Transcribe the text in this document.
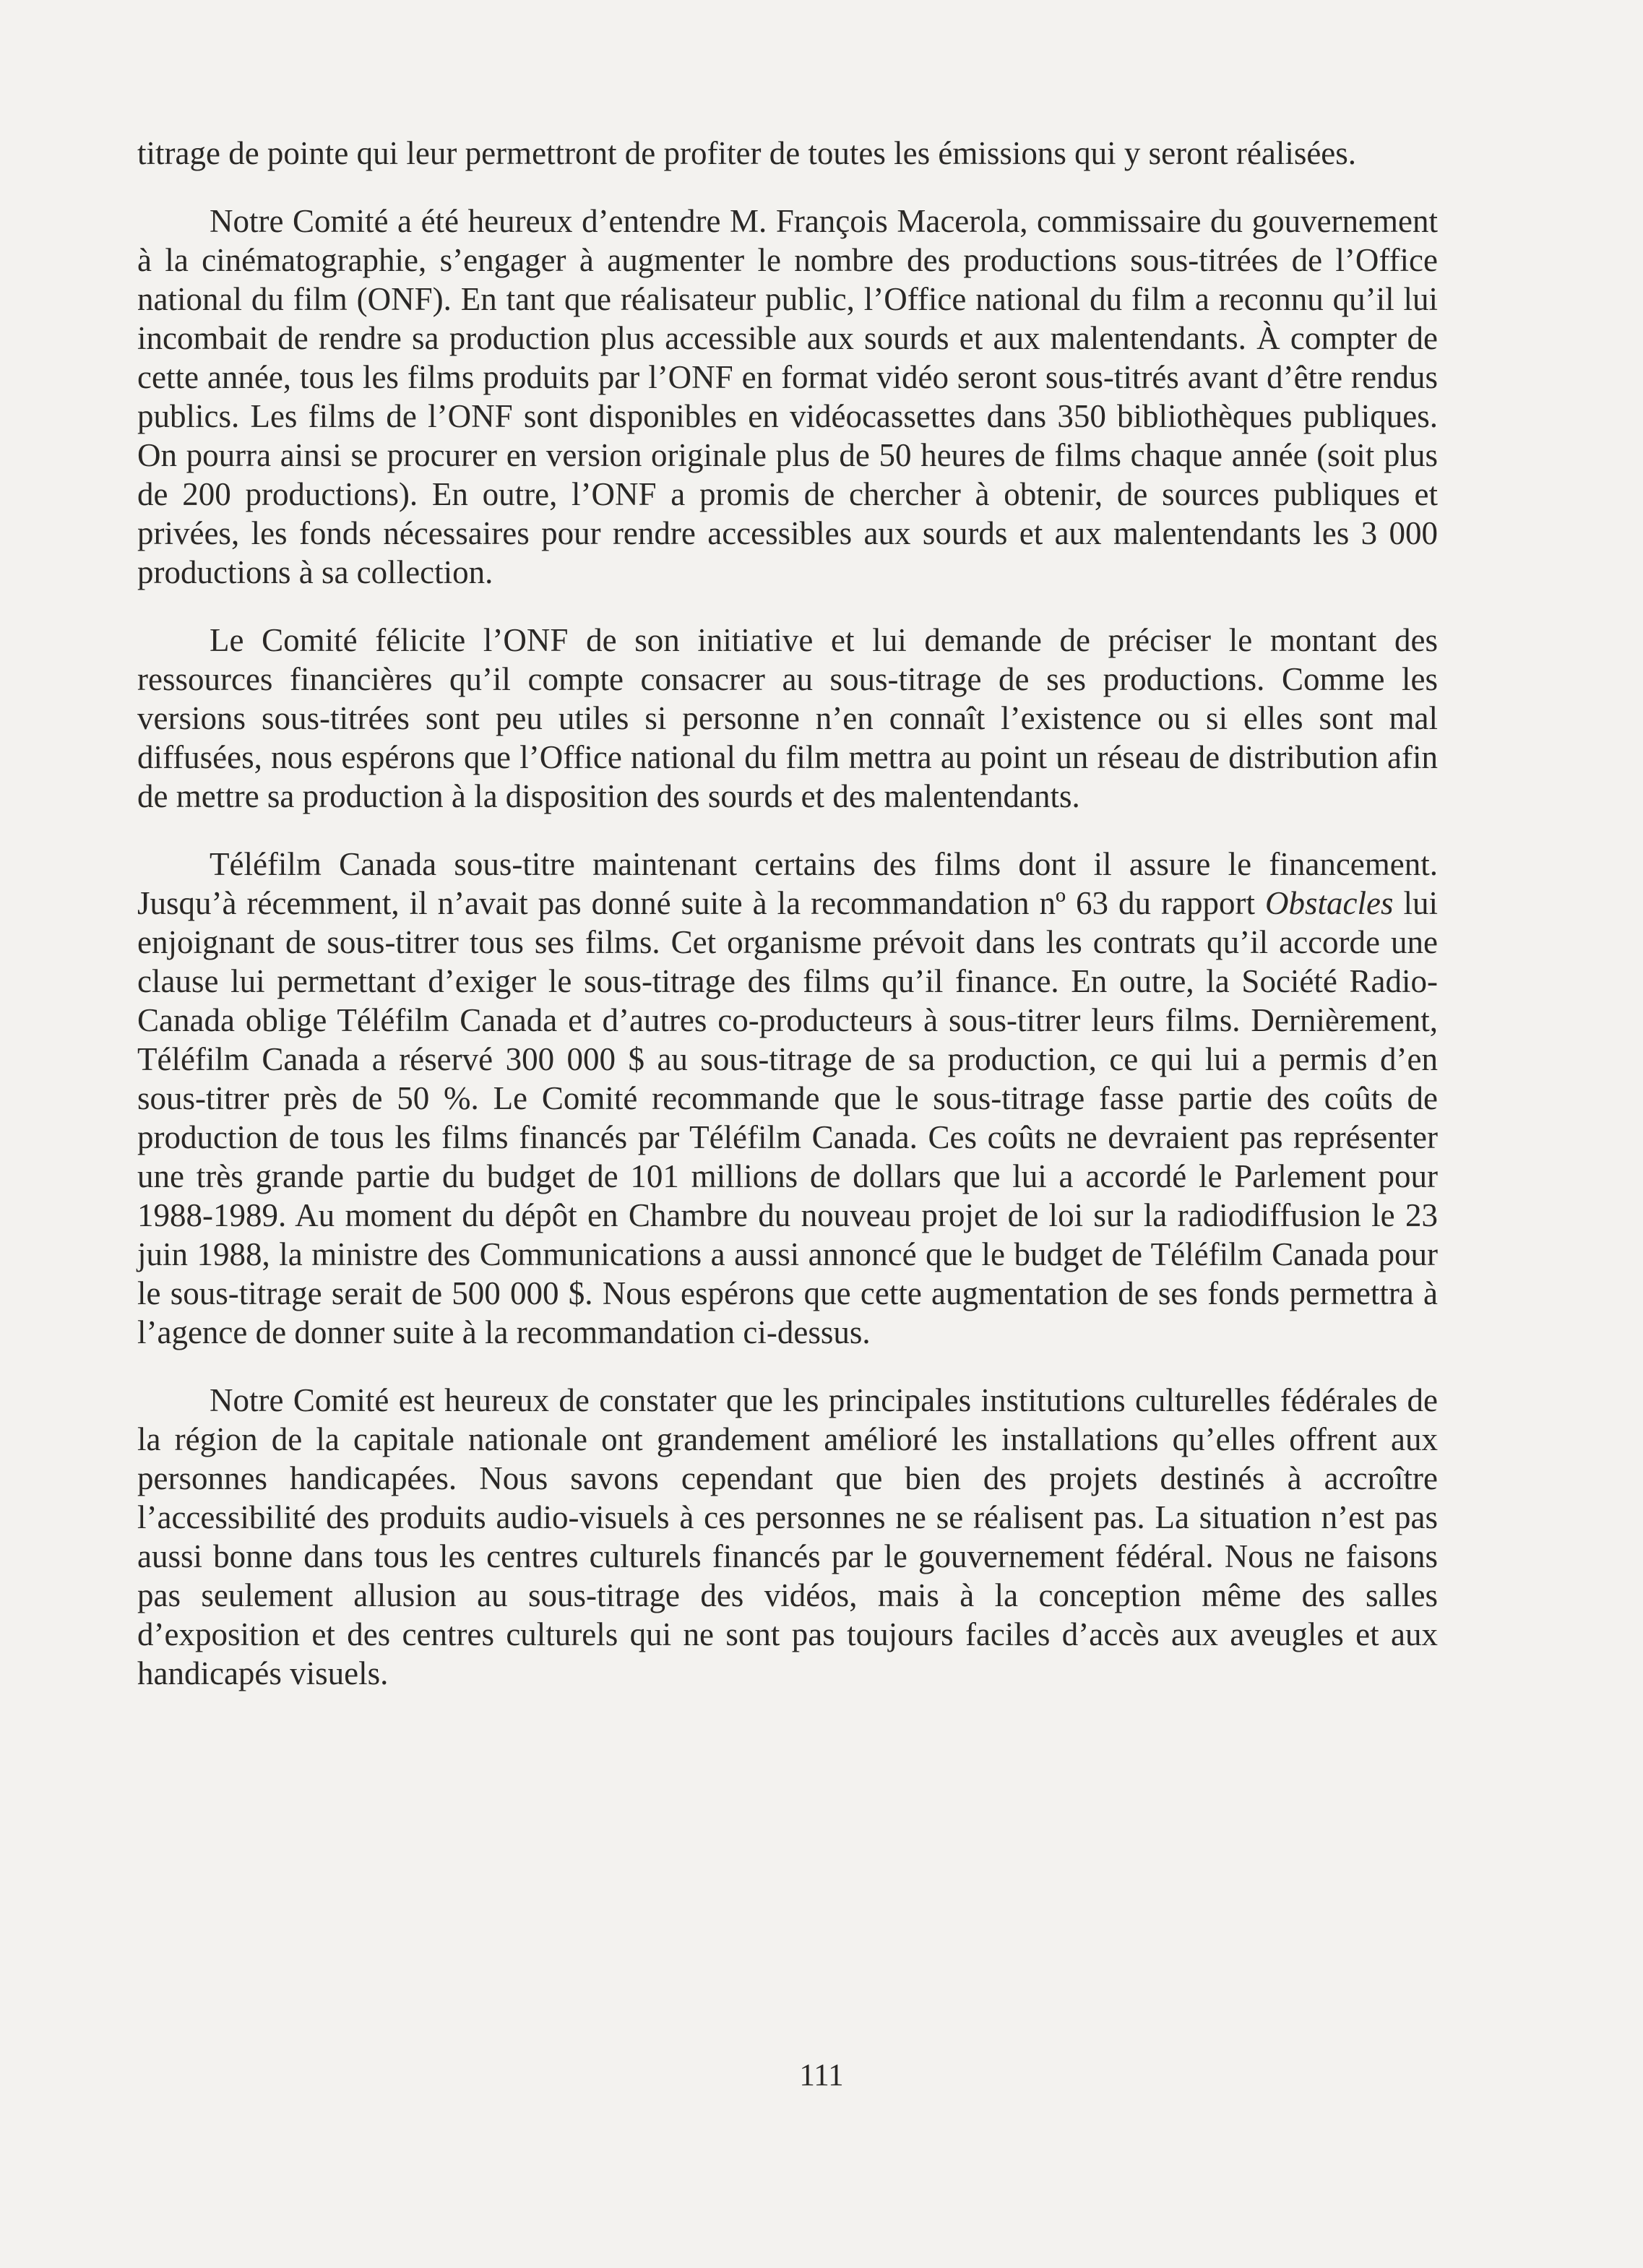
titrage de pointe qui leur permettront de profiter de toutes les émissions qui y seront réalisées.

Notre Comité a été heureux d’entendre M. François Macerola, commissaire du gouvernement à la cinématographie, s’engager à augmenter le nombre des productions sous-titrées de l’Office national du film (ONF). En tant que réalisateur public, l’Office national du film a reconnu qu’il lui incombait de rendre sa production plus accessible aux sourds et aux malentendants. À compter de cette année, tous les films produits par l’ONF en format vidéo seront sous-titrés avant d’être rendus publics. Les films de l’ONF sont disponibles en vidéocassettes dans 350 bibliothèques publiques. On pourra ainsi se procurer en version originale plus de 50 heures de films chaque année (soit plus de 200 productions). En outre, l’ONF a promis de chercher à obtenir, de sources publiques et privées, les fonds nécessaires pour rendre accessibles aux sourds et aux malentendants les 3 000 productions à sa collection.

Le Comité félicite l’ONF de son initiative et lui demande de préciser le montant des ressources financières qu’il compte consacrer au sous-titrage de ses productions. Comme les versions sous-titrées sont peu utiles si personne n’en connaît l’existence ou si elles sont mal diffusées, nous espérons que l’Office national du film mettra au point un réseau de distribution afin de mettre sa production à la disposition des sourds et des malentendants.

Téléfilm Canada sous-titre maintenant certains des films dont il assure le financement. Jusqu’à récemment, il n’avait pas donné suite à la recommandation nº 63 du rapport Obstacles lui enjoignant de sous-titrer tous ses films. Cet organisme prévoit dans les contrats qu’il accorde une clause lui permettant d’exiger le sous-titrage des films qu’il finance. En outre, la Société Radio-Canada oblige Téléfilm Canada et d’autres co-producteurs à sous-titrer leurs films. Dernièrement, Téléfilm Canada a réservé 300 000 $ au sous-titrage de sa production, ce qui lui a permis d’en sous-titrer près de 50 %. Le Comité recommande que le sous-titrage fasse partie des coûts de production de tous les films financés par Téléfilm Canada. Ces coûts ne devraient pas représenter une très grande partie du budget de 101 millions de dollars que lui a accordé le Parlement pour 1988-1989. Au moment du dépôt en Chambre du nouveau projet de loi sur la radiodiffusion le 23 juin 1988, la ministre des Communications a aussi annoncé que le budget de Téléfilm Canada pour le sous-titrage serait de 500 000 $. Nous espérons que cette augmentation de ses fonds permettra à l’agence de donner suite à la recommandation ci-dessus.

Notre Comité est heureux de constater que les principales institutions culturelles fédérales de la région de la capitale nationale ont grandement amélioré les installations qu’elles offrent aux personnes handicapées. Nous savons cependant que bien des projets destinés à accroître l’accessibilité des produits audio-visuels à ces personnes ne se réalisent pas. La situation n’est pas aussi bonne dans tous les centres culturels financés par le gouvernement fédéral. Nous ne faisons pas seulement allusion au sous-titrage des vidéos, mais à la conception même des salles d’exposition et des centres culturels qui ne sont pas toujours faciles d’accès aux aveugles et aux handicapés visuels.

111
